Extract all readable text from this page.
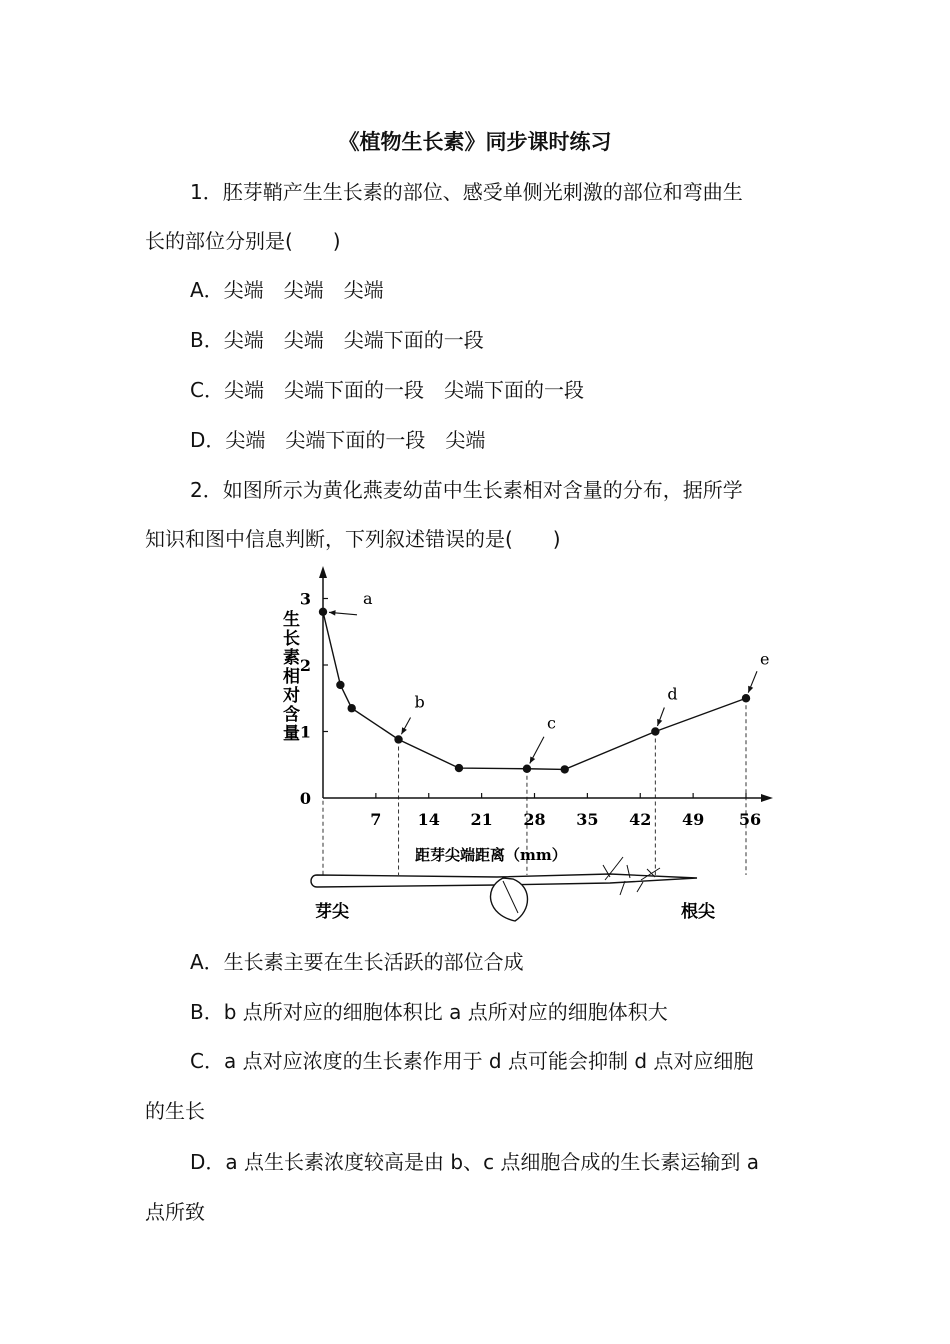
《植物生长素》同步课时练习
1．胚芽鞘产生生长素的部位、感受单侧光刺激的部位和弯曲生
长的部位分别是(　　)
A．尖端　尖端　尖端
B．尖端　尖端　尖端下面的一段
C．尖端　尖端下面的一段　尖端下面的一段
D．尖端　尖端下面的一段　尖端
2．如图所示为黄化燕麦幼苗中生长素相对含量的分布，据所学
知识和图中信息判断，下列叙述错误的是(　　)
7 14 21 28 35 42 49 56
0
1
2
3
生长素相对含量
距芽尖端距离（mm）
a
b
c
d
e
芽尖	根尖
A．生长素主要在生长活跃的部位合成
B．b 点所对应的细胞体积比 a 点所对应的细胞体积大
C．a 点对应浓度的生长素作用于 d 点可能会抑制 d 点对应细胞
的生长
D．a 点生长素浓度较高是由 b、c 点细胞合成的生长素运输到 a
点所致
